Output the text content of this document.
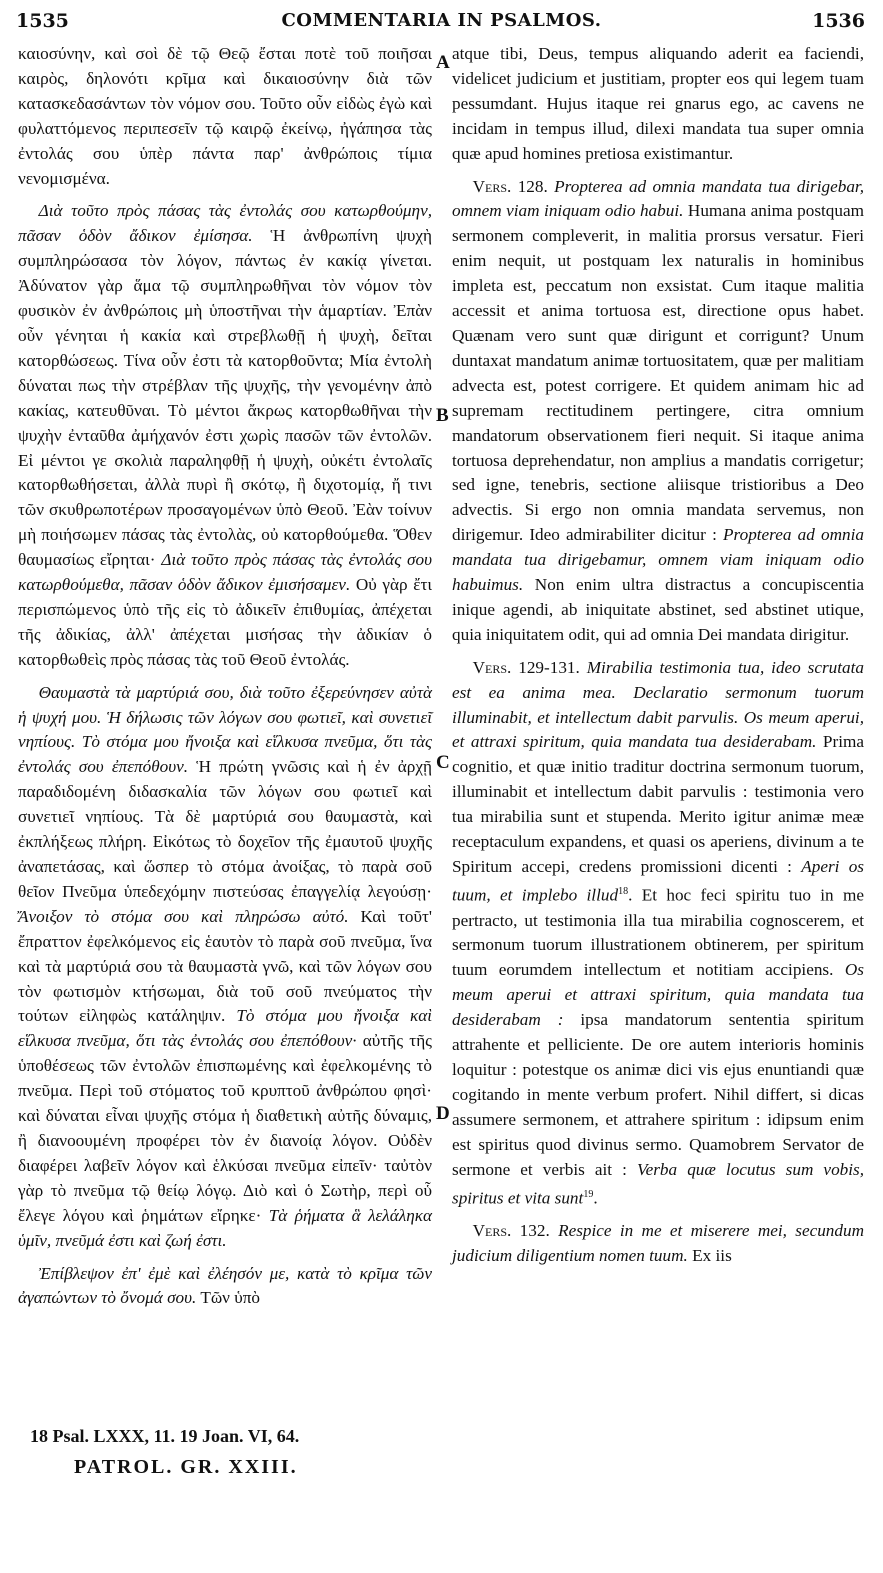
1535	COMMENTARIA IN PSALMOS.	1536

καιοσύνην, καὶ σοὶ δὲ τῷ Θεῷ ἔσται ποτὲ τοῦ ποιῆσαι καιρὸς, δηλονότι κρῖμα καὶ δικαιοσύνην διὰ τῶν κατασκεδασάντων τὸν νόμον σου. Τοῦτο οὖν εἰδὼς ἐγὼ καὶ φυλαττόμενος περιπεσεῖν τῷ καιρῷ ἐκείνῳ, ἠγάπησα τὰς ἐντολάς σου ὑπὲρ πάντα παρ' ἀνθρώποις τίμια νενομισμένα.

Διὰ τοῦτο πρὸς πάσας τὰς ἐντολάς σου κατωρθούμην, πᾶσαν ὁδὸν ἄδικον ἐμίσησα. Ἡ ἀνθρωπίνη ψυχὴ συμπληρώσασα τὸν λόγον, πάντως ἐν κακίᾳ γίνεται. Ἀδύνατον γὰρ ἅμα τῷ συμπληρωθῆναι τὸν νόμον τὸν φυσικὸν ἐν ἀνθρώποις μὴ ὑποστῆναι τὴν ἁμαρτίαν. Ἐπὰν οὖν γένηται ἡ κακία καὶ στρεβλωθῇ ἡ ψυχὴ, δεῖται κατορθώσεως. Τίνα οὖν ἐστι τὰ κατορθοῦντα; Μία ἐντολὴ δύναται πως τὴν στρέβλαν τῆς ψυχῆς, τὴν γενομένην ἀπὸ κακίας, κατευθῦναι. Τὸ μέντοι ἄκρως κατορθωθῆναι τὴν ψυχὴν ἐνταῦθα ἀμήχανόν ἐστι χωρὶς πασῶν τῶν ἐντολῶν. Εἰ μέντοι γε σκολιὰ παραληφθῇ ἡ ψυχὴ, οὐκέτι ἐντολαῖς κατορθωθήσεται, ἀλλὰ πυρὶ ἢ σκότῳ, ἢ διχοτομίᾳ, ἤ τινι τῶν σκυθρωποτέρων προσαγομένων ὑπὸ Θεοῦ. Ἐὰν τοίνυν μὴ ποιήσωμεν πάσας τὰς ἐντολὰς, οὐ κατορθούμεθα. Ὅθεν θαυμασίως εἴρηται· Διὰ τοῦτο πρὸς πάσας τὰς ἐντολάς σου κατωρθούμεθα, πᾶσαν ὁδὸν ἄδικον ἐμισήσαμεν. Οὐ γὰρ ἔτι περισπώμενος ὑπὸ τῆς εἰς τὸ ἀδικεῖν ἐπιθυμίας, ἀπέχεται τῆς ἀδικίας, ἀλλ' ἀπέχεται μισήσας τὴν ἀδικίαν ὁ κατορθωθεὶς πρὸς πάσας τὰς τοῦ Θεοῦ ἐντολάς.

Θαυμαστὰ τὰ μαρτύριά σου, διὰ τοῦτο ἐξερεύνησεν αὐτὰ ἡ ψυχή μου. Ἡ δήλωσις τῶν λόγων σου φωτιεῖ, καὶ συνετιεῖ νηπίους. Τὸ στόμα μου ἤνοιξα καὶ εἵλκυσα πνεῦμα, ὅτι τὰς ἐντολάς σου ἐπεπόθουν. Ἡ πρώτη γνῶσις καὶ ἡ ἐν ἀρχῇ παραδιδομένη διδασκαλία τῶν λόγων σου φωτιεῖ καὶ συνετιεῖ νηπίους. Τὰ δὲ μαρτύριά σου θαυμαστὰ, καὶ ἐκπλήξεως πλήρη. Εἰκότως τὸ δοχεῖον τῆς ἐμαυτοῦ ψυχῆς ἀναπετάσας, καὶ ὥσπερ τὸ στόμα ἀνοίξας, τὸ παρὰ σοῦ θεῖον Πνεῦμα ὑπεδεχόμην πιστεύσας ἐπαγγελίᾳ λεγούσῃ· Ἄνοιξον τὸ στόμα σου καὶ πληρώσω αὐτό. Καὶ τοῦτ' ἔπραττον ἐφελκόμενος εἰς ἑαυτὸν τὸ παρὰ σοῦ πνεῦμα, ἵνα καὶ τὰ μαρτύριά σου τὰ θαυμαστὰ γνῶ, καὶ τῶν λόγων σου τὸν φωτισμὸν κτήσωμαι, διὰ τοῦ σοῦ πνεύματος τὴν τούτων εἰληφὼς κατάληψιν. Τὸ στόμα μου ἤνοιξα καὶ εἵλκυσα πνεῦμα, ὅτι τὰς ἐντολάς σου ἐπεπόθουν· αὐτῆς τῆς ὑποθέσεως τῶν ἐντολῶν ἐπισπωμένης καὶ ἐφελκομένης τὸ πνεῦμα. Περὶ τοῦ στόματος τοῦ κρυπτοῦ ἀνθρώπου φησὶ· καὶ δύναται εἶναι ψυχῆς στόμα ἡ διαθετικὴ αὐτῆς δύναμις, ἢ διανοουμένη προφέρει τὸν ἐν διανοίᾳ λόγον. Οὐδὲν διαφέρει λαβεῖν λόγον καὶ ἑλκύσαι πνεῦμα εἰπεῖν· ταὐτὸν γὰρ τὸ πνεῦμα τῷ θείῳ λόγῳ. Διὸ καὶ ὁ Σωτὴρ, περὶ οὗ ἔλεγε λόγου καὶ ῥημάτων εἴρηκε· Τὰ ῥήματα ἃ λελάληκα ὑμῖν, πνεῦμά ἐστι καὶ ζωή ἐστι.

Ἐπίβλεψον ἐπ' ἐμὲ καὶ ἐλέησόν με, κατὰ τὸ κρῖμα τῶν ἀγαπώντων τὸ ὄνομά σου. Τῶν ὑπὸ

A
B
C
D

atque tibi, Deus, tempus aliquando aderit ea faciendi, videlicet judicium et justitiam, propter eos qui legem tuam pessumdant. Hujus itaque rei gnarus ego, ac cavens ne incidam in tempus illud, dilexi mandata tua super omnia quæ apud homines pretiosa existimantur.

Vers. 128. Propterea ad omnia mandata tua dirigebar, omnem viam iniquam odio habui. Humana anima postquam sermonem compleverit, in malitia prorsus versatur. Fieri enim nequit, ut postquam lex naturalis in hominibus impleta est, peccatum non exsistat. Cum itaque malitia accessit et anima tortuosa est, directione opus habet. Quænam vero sunt quæ dirigunt et corrigunt? Unum duntaxat mandatum animæ tortuositatem, quæ per malitiam advecta est, potest corrigere. Et quidem animam hic ad supremam rectitudinem pertingere, citra omnium mandatorum observationem fieri nequit. Si itaque anima tortuosa deprehendatur, non amplius a mandatis corrigetur; sed igne, tenebris, sectione aliisque tristioribus a Deo advectis. Si ergo non omnia mandata servemus, non dirigemur. Ideo admirabiliter dicitur : Propterea ad omnia mandata tua dirigebamur, omnem viam iniquam odio habuimus. Non enim ultra distractus a concupiscentia inique agendi, ab iniquitate abstinet, sed abstinet utique, quia iniquitatem odit, qui ad omnia Dei mandata dirigitur.

Vers. 129-131. Mirabilia testimonia tua, ideo scrutata est ea anima mea. Declaratio sermonum tuorum illuminabit, et intellectum dabit parvulis. Os meum aperui, et attraxi spiritum, quia mandata tua desiderabam. Prima cognitio, et quæ initio traditur doctrina sermonum tuorum, illuminabit et intellectum dabit parvulis : testimonia vero tua mirabilia sunt et stupenda. Merito igitur animæ meæ receptaculum expandens, et quasi os aperiens, divinum a te Spiritum accepi, credens promissioni dicenti : Aperi os tuum, et implebo illud$^{18}$. Et hoc feci spiritu tuo in me pertracto, ut testimonia illa tua mirabilia cognoscerem, et sermonum tuorum illustrationem obtinerem, per spiritum tuum eorumdem intellectum et notitiam accipiens. Os meum aperui et attraxi spiritum, quia mandata tua desiderabam : ipsa mandatorum sententia spiritum attrahente et pelliciente. De ore autem interioris hominis loquitur : potestque os animæ dici vis ejus enuntiandi quæ cogitando in mente verbum profert. Nihil differt, si dicas assumere sermonem, et attrahere spiritum : idipsum enim est spiritus quod divinus sermo. Quamobrem Servator de sermone et verbis ait : Verba quæ locutus sum vobis, spiritus et vita sunt$^{19}$.

Vers. 132. Respice in me et miserere mei, secundum judicium diligentium nomen tuum. Ex iis

18 Psal. LXXX, 11. 19 Joan. VI, 64.
PATROL. GR. XXIII.
